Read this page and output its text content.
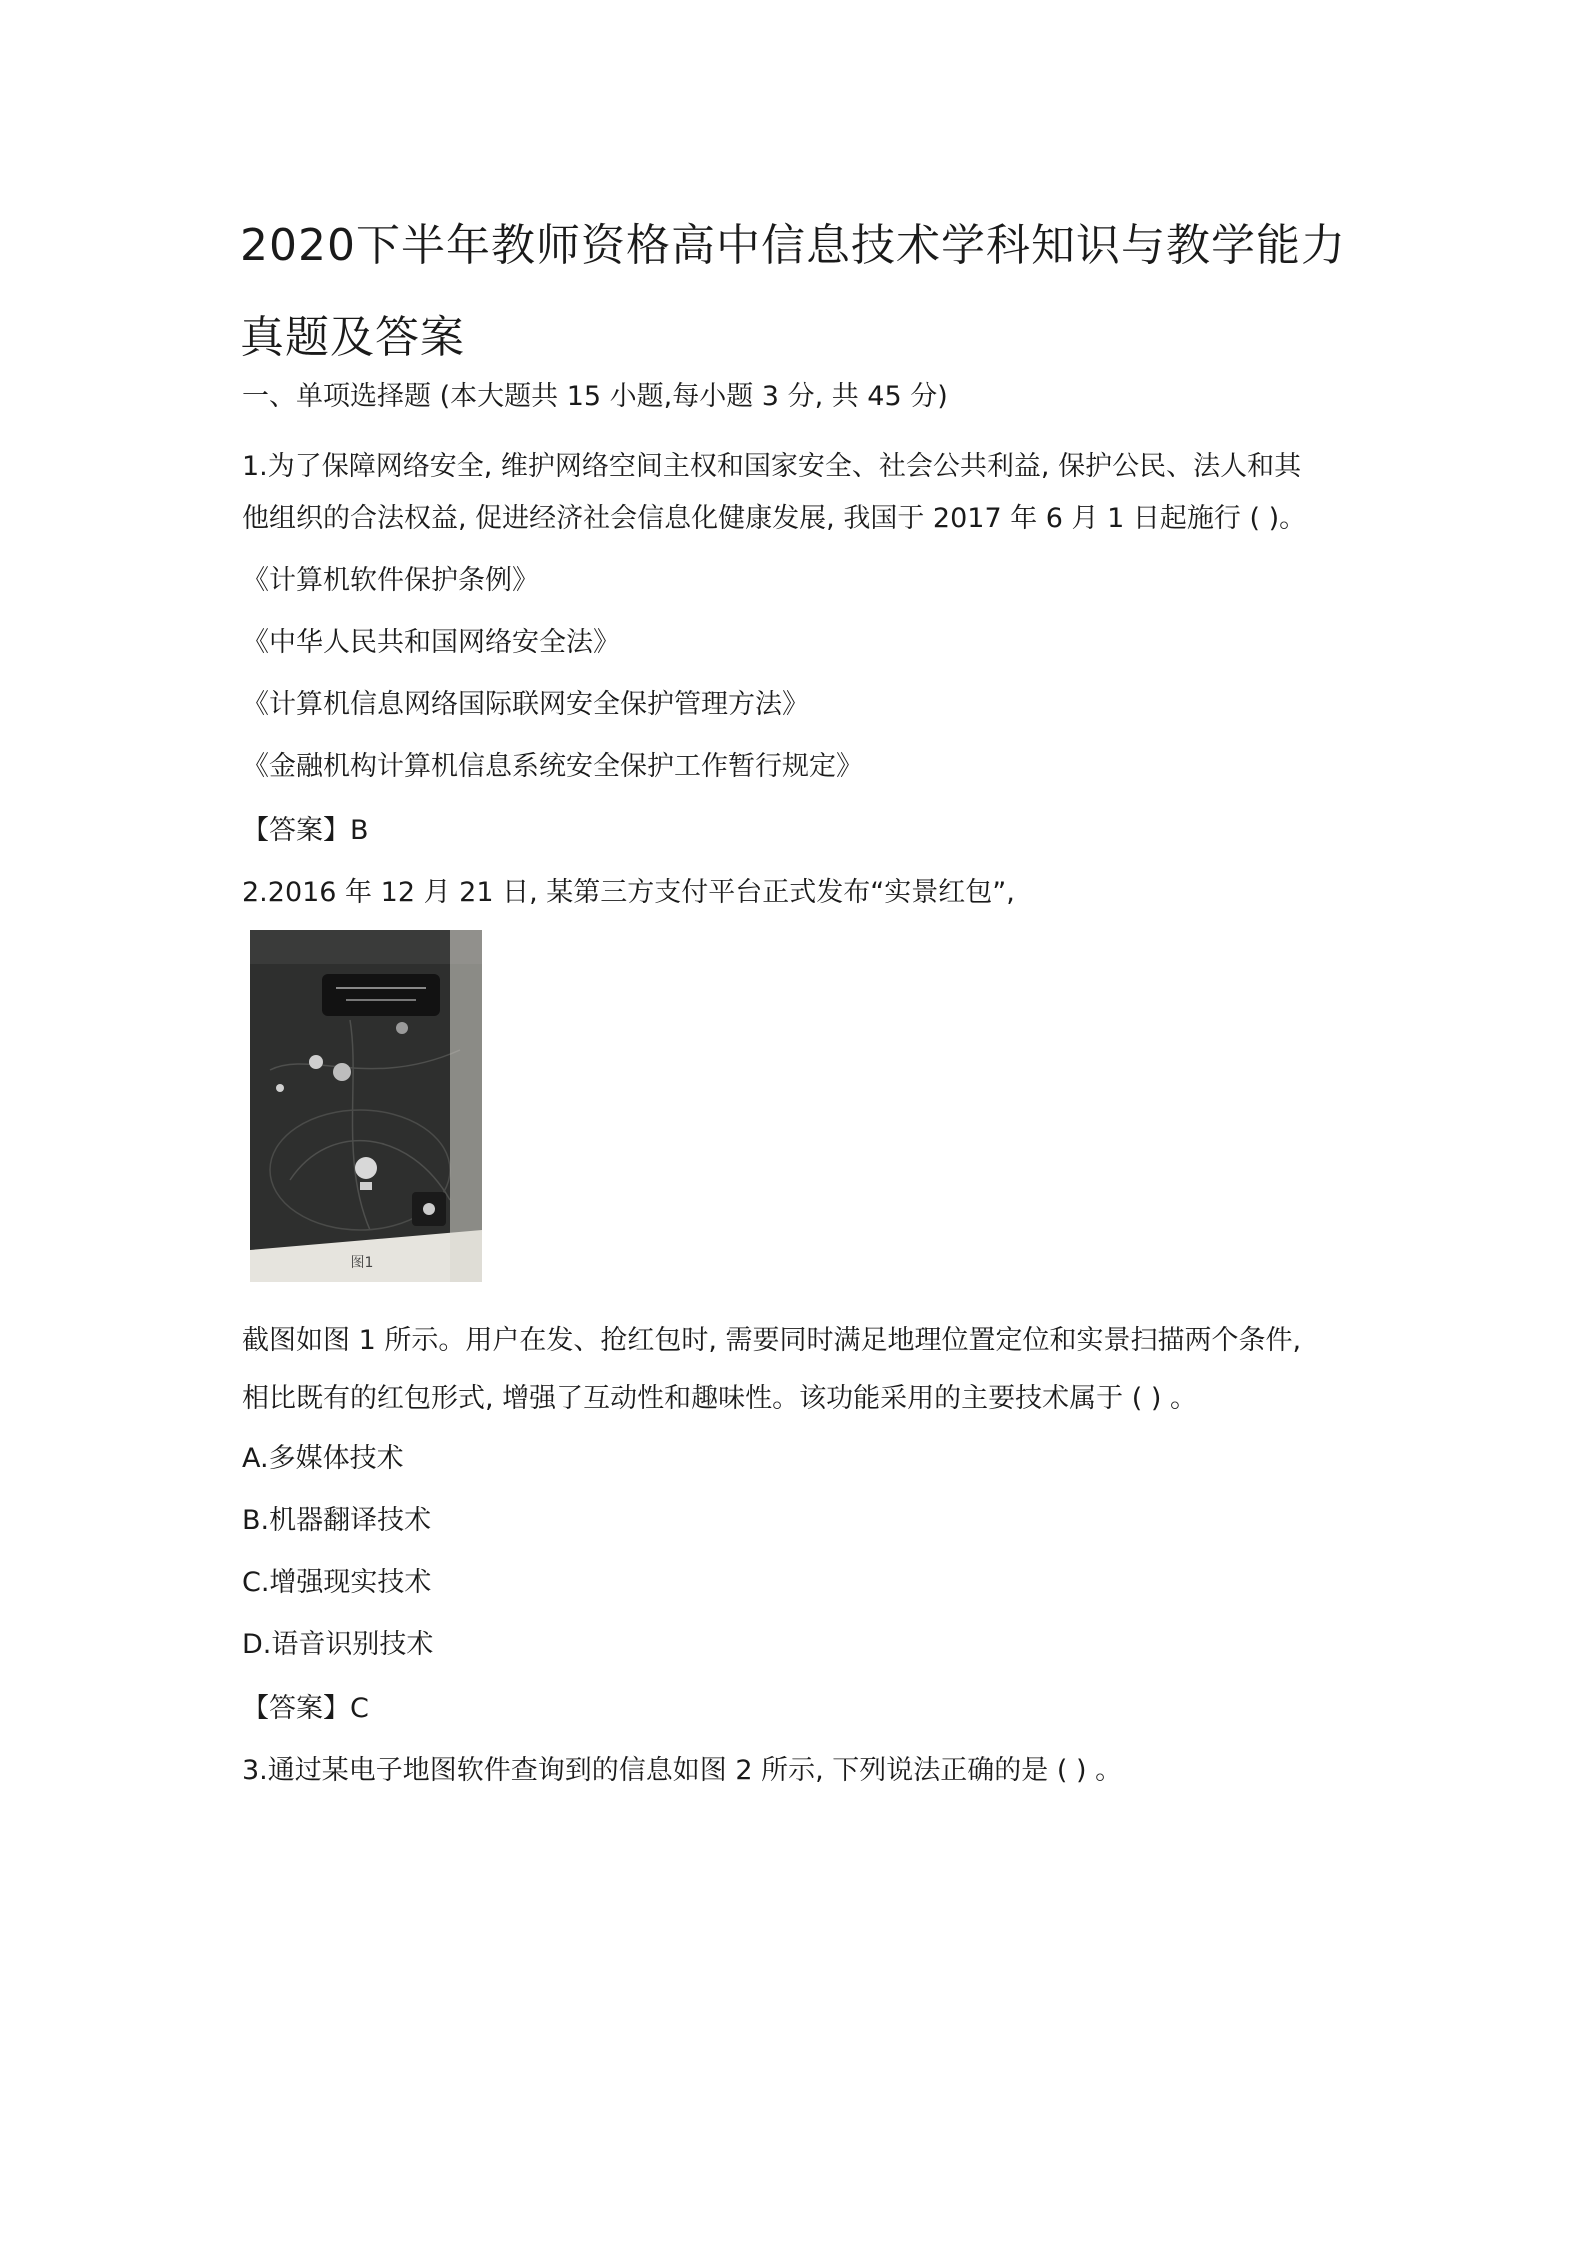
2020下半年教师资格高中信息技术学科知识与教学能力真题及答案
一、单项选择题 (本大题共 15 小题,每小题 3 分, 共 45 分)
1.为了保障网络安全, 维护网络空间主权和国家安全、社会公共利益, 保护公民、法人和其
他组织的合法权益, 促进经济社会信息化健康发展, 我国于 2017 年 6 月 1 日起施行 ( )。
《计算机软件保护条例》
《中华人民共和国网络安全法》
《计算机信息网络国际联网安全保护管理方法》
《金融机构计算机信息系统安全保护工作暂行规定》
【答案】B
2.2016 年 12 月 21 日, 某第三方支付平台正式发布“实景红包”,
图1
截图如图 1 所示。用户在发、抢红包时, 需要同时满足地理位置定位和实景扫描两个条件,
相比既有的红包形式, 增强了互动性和趣味性。该功能采用的主要技术属于 ( ) 。
A.多媒体技术
B.机器翻译技术
C.增强现实技术
D.语音识别技术
【答案】C
3.通过某电子地图软件查询到的信息如图 2 所示, 下列说法正确的是 ( ) 。
